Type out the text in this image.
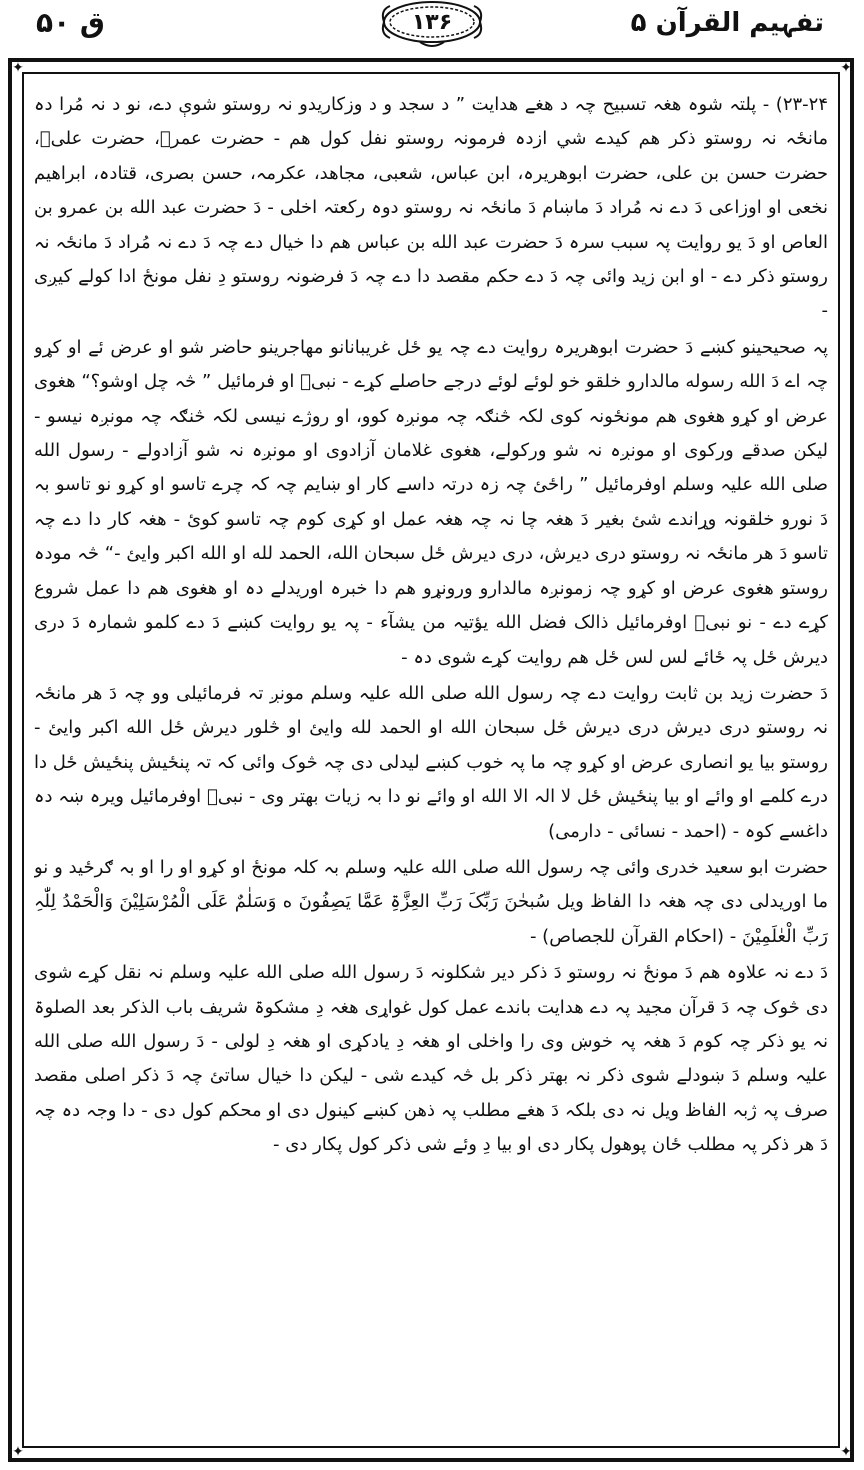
ق ۵۰	۱۳۶	تفہیم القرآن ۵
✦	✦
✦	✦

۲۳-۲۴) - پلتہ شوہ هغہ تسبیح چہ د هغے هدایت ” د سجد و د وزکاریدو نہ روستو شوې دے، نو د نہ مُرا دہ مانځہ نہ روستو ذکر هم کیدے شي ازدہ فرمونہ روستو نفل کول هم - حضرت عمرؓ، حضرت علیؓ، حضرت حسن بن علی، حضرت ابوھریرہ، ابن عباس، شعبی، مجاهد، عکرمہ، حسن بصری، قتادہ، ابراهیم نخعی او اوزاعی دَ دے نہ مُراد دَ ماښام دَ مانځہ نہ روستو دوہ رکعتہ اخلی - دَ حضرت عبد الله بن عمرو بن العاص او دَ یو روایت پہ سبب سرہ دَ حضرت عبد الله بن عباس هم دا خیال دے چہ دَ دے نہ مُراد دَ مانځہ نہ روستو ذکر دے - او ابن زید وائی چہ دَ دے حکم مقصد دا دے چہ دَ فرضونہ روستو دِ نفل مونځ ادا کولے کیږی -

پہ صحیحینو کښے دَ حضرت ابوھریرہ روایت دے چہ یو ځل غریبانانو مهاجرینو حاضر شو او عرض ئے او کړو چہ اے دَ الله رسوله مالدارو خلقو خو لوئے لوئے درجے حاصلے کړے - نبیؐ او فرمائیل ” څہ چل اوشو؟“ هغوی عرض او کړو هغوی هم مونځونہ کوی لکہ څنګہ چہ مونږہ کوو، او روژے نیسی لکہ څنګہ چہ مونږہ نیسو - لیکن صدقے ورکوی او مونږہ نہ شو ورکولے، هغوی غلامان آزادوی او مونږہ نہ شو آزادولے - رسول الله صلی الله علیہ وسلم اوفرمائیل ” راځئ چہ زہ درتہ داسے کار او ښایم چہ کہ چرے تاسو او کړو نو تاسو بہ دَ نورو خلقونہ وړاندے شئ بغیر دَ هغہ چا نہ چہ هغہ عمل او کړی کوم چہ تاسو کوئ - هغہ کار دا دے چہ تاسو دَ هر مانځہ نہ روستو دری دیرش، دری دیرش ځل سبحان الله، الحمد لله او الله اکبر وایئ -“ څہ مودہ روستو هغوی عرض او کړو چہ زمونږہ مالدارو ورونړو هم دا خبرہ اوریدلے دہ او هغوی هم دا عمل شروع کړے دے - نو نبیؐ اوفرمائیل ذالک فضل الله یؤتیہ من یشآء - پہ یو روایت کښے دَ دے کلمو شمارہ دَ دری دیرش ځل پہ ځائے لس لس ځل هم روایت کړے شوی دہ -

دَ حضرت زید بن ثابت روایت دے چہ رسول الله صلی الله علیہ وسلم مونږ تہ فرمائیلی وو چہ دَ هر مانځہ نہ روستو دری دیرش دری دیرش ځل سبحان الله او الحمد لله وایئ او څلور دیرش ځل الله اکبر وایئ - روستو بیا یو انصاری عرض او کړو چہ ما پہ خوب کښے لیدلی دی چہ څوک وائی کہ تہ پنځیش پنځیش ځل دا درے کلمے او وائے او بیا پنځیش ځل لا الہ الا الله او وائے نو دا بہ زیات بهتر وی - نبیؐ اوفرمائیل ویرہ ښہ دہ داغسے کوہ - (احمد - نسائی - دارمی)

حضرت ابو سعید خدری وائی چہ رسول الله صلی الله علیہ وسلم بہ کلہ مونځ او کړو او را او بہ ګرځید و نو ما اوریدلی دی چہ هغہ دا الفاظ ویل سُبحٰنَ رَبِّکَ رَبِّ العِزَّۃِ عَمَّا یَصِفُونَ ه وَسَلٰمٌ عَلَی الْمُرْسَلِیْنَ وَالْحَمْدُ لِلّٰہِ رَبِّ الْعٰلَمِیْنَ - (احکام القرآن للجصاص) -

دَ دے نہ علاوہ هم دَ مونځ نہ روستو دَ ذکر دیر شکلونہ دَ رسول الله صلی الله علیہ وسلم نہ نقل کړے شوی دی څوک چہ دَ قرآن مجید پہ دے هدایت باندے عمل کول غواړی هغہ دِ مشکوۃ شریف باب الذکر بعد الصلوۃ نہ یو ذکر چہ کوم دَ هغہ پہ خوښ وی را واخلی او هغہ دِ یادکړی او هغہ دِ لولی - دَ رسول الله صلی الله علیہ وسلم دَ ښودلے شوی ذکر نہ بهتر ذکر بل څہ کیدے شی - لیکن دا خیال ساتئ چہ دَ ذکر اصلی مقصد صرف پہ ژبہ الفاظ ویل نہ دی بلکہ دَ هغے مطلب پہ ذهن کښے کینول دی او محکم کول دی - دا وجہ دہ چہ دَ هر ذکر پہ مطلب ځان پوهول پکار دی او بیا دِ وئے شی ذکر کول پکار دی -
